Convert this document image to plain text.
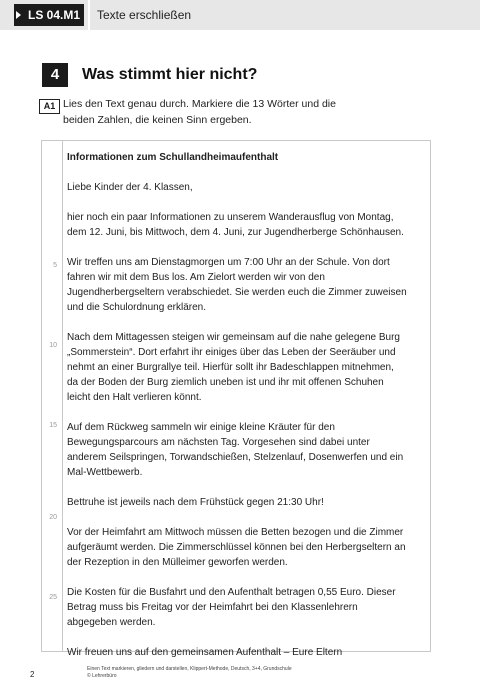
LS 04.M1	Texte erschließen
4	Was stimmt hier nicht?
A1 Lies den Text genau durch. Markiere die 13 Wörter und die beiden Zahlen, die keinen Sinn ergeben.
5
10
15
20
25

Informationen zum Schullandheimaufenthalt

Liebe Kinder der 4. Klassen,

hier noch ein paar Informationen zu unserem Wanderausflug von Montag, dem 12. Juni, bis Mittwoch, dem 4. Juni, zur Jugendherberge Schönhausen.

Wir treffen uns am Dienstagmorgen um 7:00 Uhr an der Schule. Von dort fahren wir mit dem Bus los. Am Zielort werden wir von den Jugendherbergseltern verabschiedet. Sie werden euch die Zimmer zuweisen und die Schulordnung erklären.

Nach dem Mittagessen steigen wir gemeinsam auf die nahe gelegene Burg „Sommerstein“. Dort erfahrt ihr einiges über das Leben der Seeräuber und nehmt an einer Burgrallye teil. Hierfür sollt ihr Badeschlappen mitnehmen, da der Boden der Burg ziemlich uneben ist und ihr mit offenen Schuhen leicht den Halt verlieren könnt.

Auf dem Rückweg sammeln wir einige kleine Kräuter für den Bewegungsparcours am nächsten Tag. Vorgesehen sind dabei unter anderem Seilspringen, Torwandschießen, Stelzenlauf, Dosenwerfen und ein Mal-Wettbewerb.

Bettruhe ist jeweils nach dem Frühstück gegen 21:30 Uhr!

Vor der Heimfahrt am Mittwoch müssen die Betten bezogen und die Zimmer aufgeräumt werden. Die Zimmerschlüssel können bei den Herbergseltern an der Rezeption in den Mülleimer geworfen werden.

Die Kosten für die Busfahrt und den Aufenthalt betragen 0,55 Euro. Dieser Betrag muss bis Freitag vor der Heimfahrt bei den Klassenlehrern abgegeben werden.

Wir freuen uns auf den gemeinsamen Aufenthalt – Eure Eltern

2
Einen Text markieren, gliedern und darstellen, Klippert-Methode, Deutsch, 3+4, Grundschule
© Lehrerbüro
